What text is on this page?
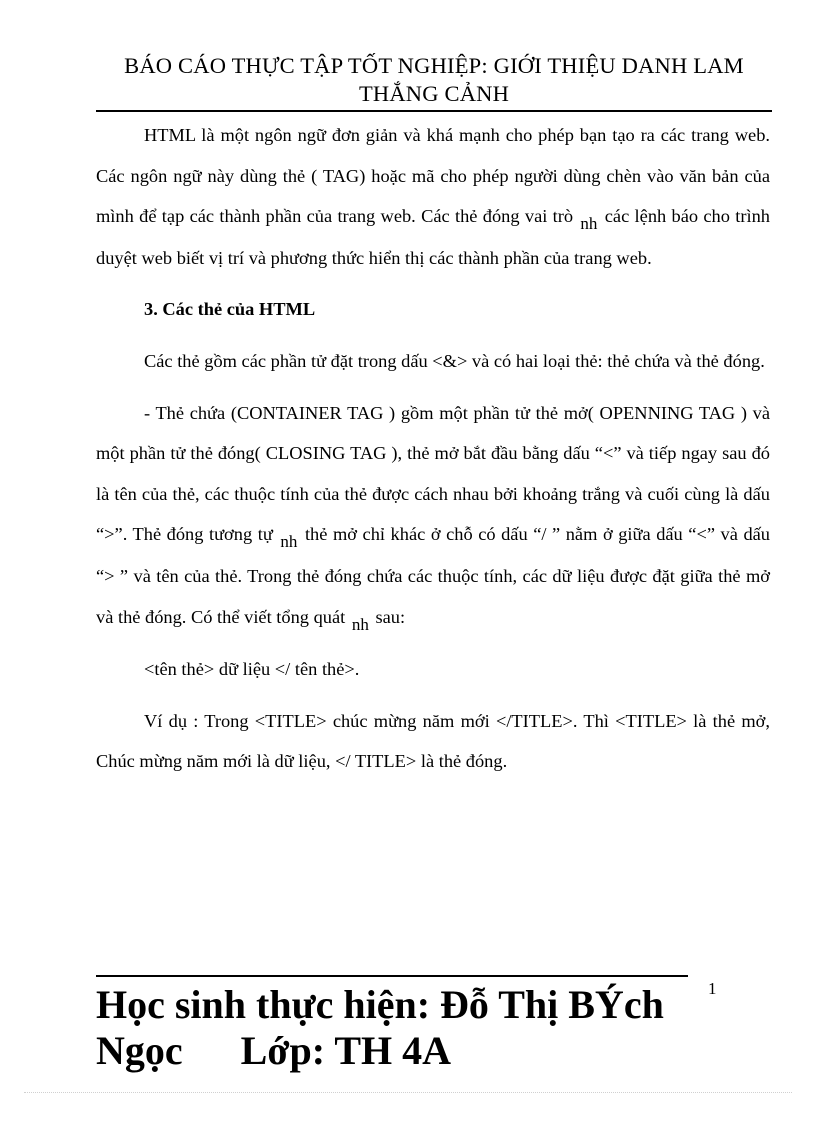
BÁO CÁO THỰC TẬP TỐT NGHIỆP: GIỚI THIỆU DANH LAM THẮNG CẢNH

HTML là một ngôn ngữ đơn giản và khá mạnh cho phép bạn tạo ra các trang web. Các ngôn ngữ này dùng thẻ ( TAG) hoặc mã cho phép người dùng chèn vào văn bản của mình để tạp các thành phần của trang web. Các thẻ đóng vai trò nh các lệnh báo cho trình duyệt web biết vị trí và phương thức hiển thị các thành phần của trang web.

3. Các thẻ của HTML

Các thẻ gồm các phần tử đặt trong dấu <&> và có hai loại thẻ: thẻ chứa và thẻ đóng.

- Thẻ chứa (CONTAINER TAG ) gồm một phần tử thẻ mở( OPENNING TAG ) và một phần tử thẻ đóng( CLOSING TAG ), thẻ mở bắt đầu bằng dấu “<” và tiếp ngay sau đó là tên của thẻ, các thuộc tính của thẻ được cách nhau bởi khoảng trắng và cuối cùng là dấu “>”. Thẻ đóng tương tự nh thẻ mở chỉ khác ở chỗ có dấu “/ ” nằm ở giữa dấu “<” và dấu “> ” và tên của thẻ. Trong thẻ đóng chứa các thuộc tính, các dữ liệu được đặt giữa thẻ mở và thẻ đóng. Có thể viết tổng quát nh sau:

<tên thẻ> dữ liệu </ tên thẻ>.

Ví dụ : Trong <TITLE> chúc mừng năm mới </TITLE>. Thì <TITLE> là thẻ mở, Chúc mừng năm mới là dữ liệu, </ TITLE> là thẻ đóng.

1
Học sinh thực hiện: Đỗ Thị BÝch
Ngọc Lớp: TH 4A
